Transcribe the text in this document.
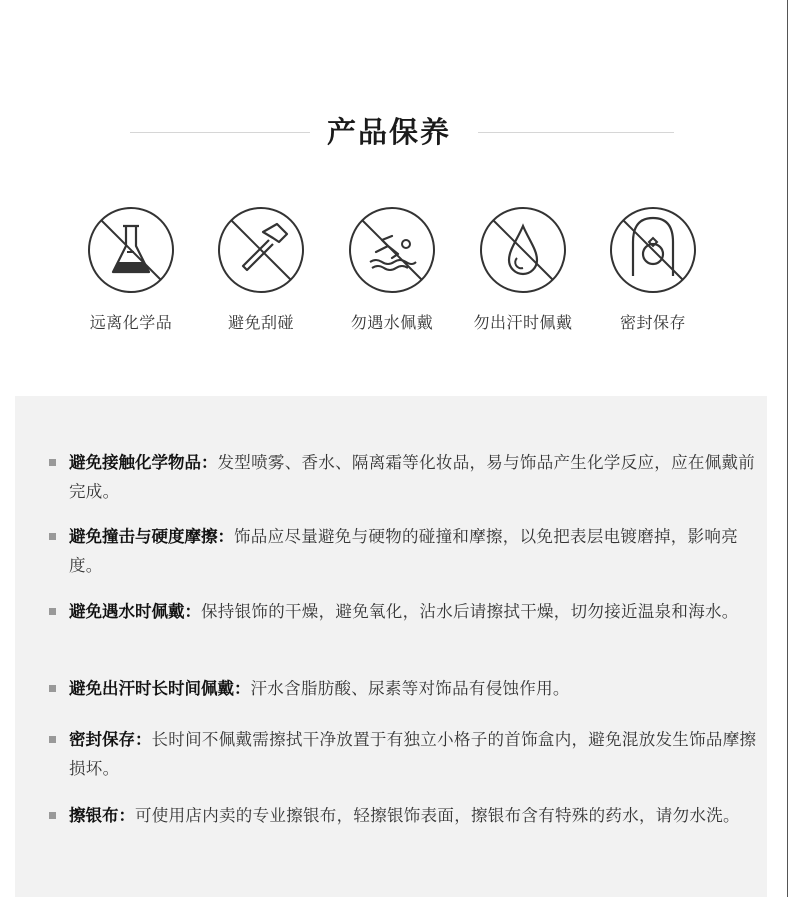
产品保养
远离化学品	避免刮碰	勿遇水佩戴	勿出汗时佩戴	密封保存
避免接触化学物品：发型喷雾、香水、隔离霜等化妆品，易与饰品产生化学反应，应在佩戴前完成。
避免撞击与硬度摩擦：饰品应尽量避免与硬物的碰撞和摩擦，以免把表层电镀磨掉，影响亮度。
避免遇水时佩戴：保持银饰的干燥，避免氧化，沾水后请擦拭干燥，切勿接近温泉和海水。
避免出汗时长时间佩戴：汗水含脂肪酸、尿素等对饰品有侵蚀作用。
密封保存：长时间不佩戴需擦拭干净放置于有独立小格子的首饰盒内，避免混放发生饰品摩擦损坏。
擦银布：可使用店内卖的专业擦银布，轻擦银饰表面，擦银布含有特殊的药水，请勿水洗。
